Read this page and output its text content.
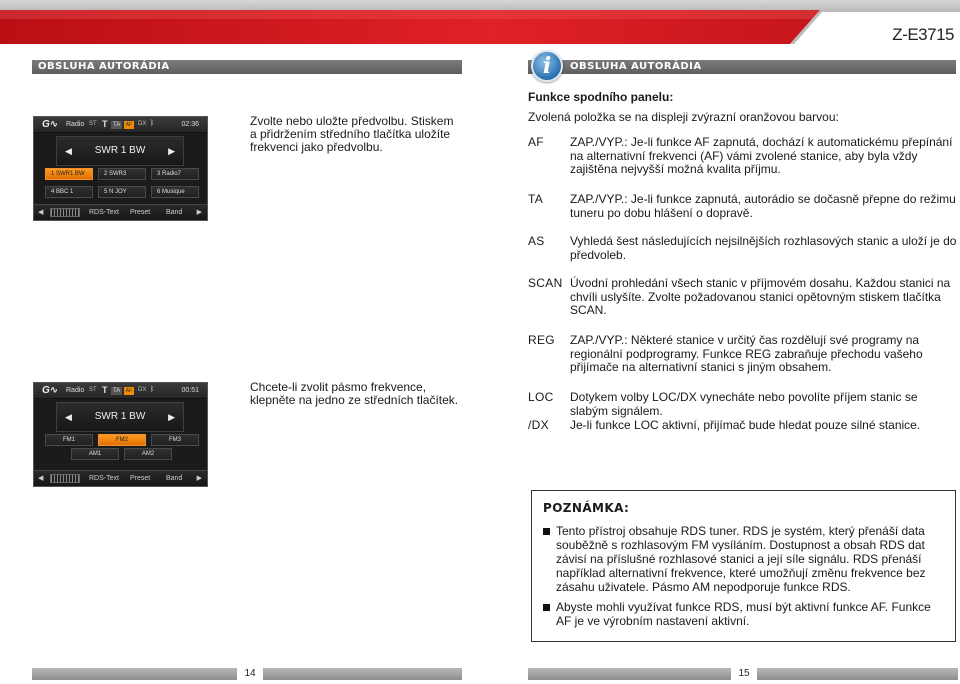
Z-E3715
OBSLUHA AUTORÁDIA	OBSLUHA AUTORÁDIA
i
G∿ Radio ST T TA	AF DX ᛒ	02:36
◀	SWR 1 BW	▶
1 SWR1 BW	2 SWR3	3 Radio7
4 BBC 1	5 N JOY	6 Musique
◀	RDS-Text Preset Band ▶
Zvolte nebo uložte předvolbu. Stiskem a přidržením středního tlačítka uložíte frekvenci jako předvolbu.
G∿ Radio ST T TA	AF DX ᛒ	00:51
◀	SWR 1 BW	▶
FM1	FM2	FM3
AM1	AM2
◀	RDS-Text Preset Band ▶
Chcete-li zvolit pásmo frekvence, klepněte na jedno ze středních tlačítek.
Funkce spodního panelu:
Zvolená položka se na displeji zvýrazní oranžovou barvou:
AF	ZAP./VYP.: Je-li funkce AF zapnutá, dochází k automatickému přepínání na alternativní frekvenci (AF) vámi zvolené stanice, aby byla vždy zajištěna nejvyšší možná kvalita příjmu.
TA	ZAP./VYP.: Je-li funkce zapnutá, autorádio se dočasně přepne do režimu tuneru po dobu hlášení o dopravě.
AS	Vyhledá šest následujících nejsilnějších rozhlasových stanic a uloží je do předvoleb.
SCAN Úvodní prohledání všech stanic v příjmovém dosahu. Každou stanici na chvíli uslyšíte. Zvolte požadovanou stanici opětovným stiskem tlačítka SCAN.
REG	ZAP./VYP.: Některé stanice v určitý čas rozdělují své programy na regionální podprogramy. Funkce REG zabraňuje přechodu vašeho přijímače na alternativní stanici s jiným obsahem.
LOC	Dotykem volby LOC/DX vynecháte nebo povolíte příjem stanic se slabým signálem.
/DX	Je-li funkce LOC aktivní, přijímač bude hledat pouze silné stanice.
POZNÁMKA:
Tento přístroj obsahuje RDS tuner. RDS je systém, který přenáší data souběžně s rozhlasovým FM vysíláním. Dostupnost a obsah RDS dat závisí na příslušné rozhlasové stanici a její síle signálu. RDS přenáší například alternativní frekvence, které umožňují změnu frekvence bez zásahu uživatele. Pásmo AM nepodporuje funkce RDS.
Abyste mohli využívat funkce RDS, musí být aktivní funkce AF. Funkce AF je ve výrobním nastavení aktivní.
14	15
